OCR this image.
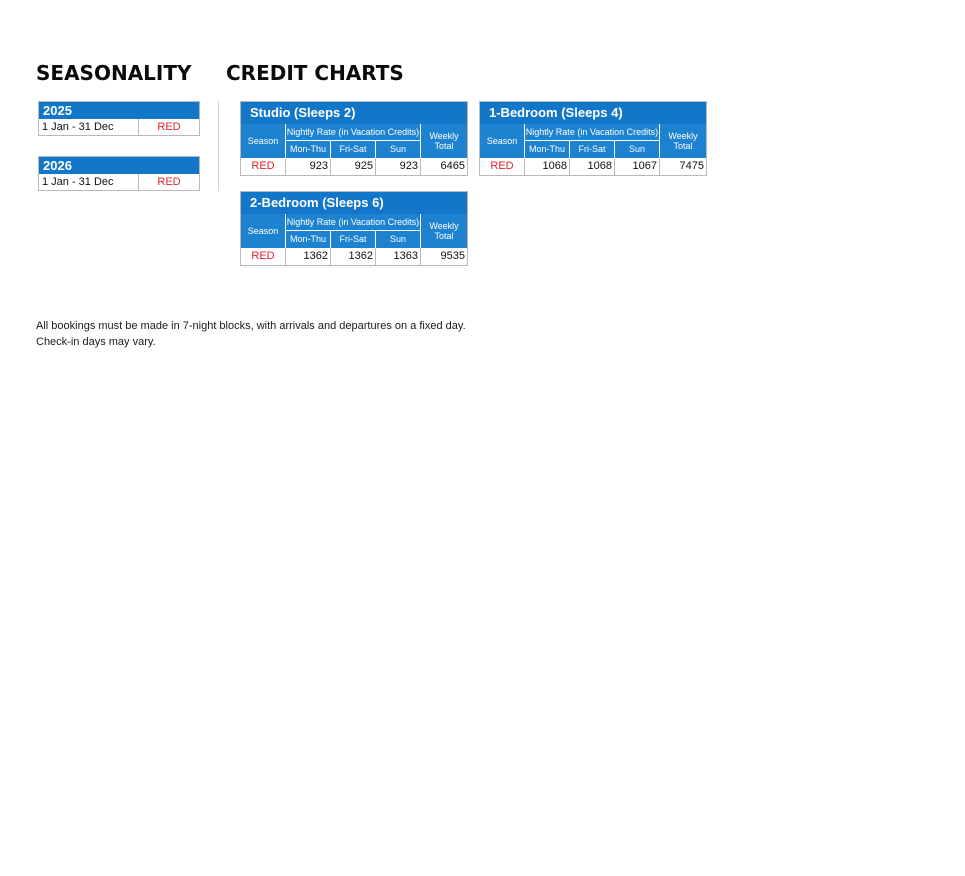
SEASONALITY CREDIT CHARTS
2025
1 Jan - 31 Dec	RED
2026
1 Jan - 31 Dec	RED
Studio (Sleeps 2)
Season
Nightly Rate (in Vacation Credits)
Mon-Thu	Fri-Sat	Sun
Weekly Total
RED	923	925	923	6465
1-Bedroom (Sleeps 4)
Season
Nightly Rate (in Vacation Credits)
Mon-Thu	Fri-Sat	Sun
Weekly Total
RED	1068	1068	1067	7475
2-Bedroom (Sleeps 6)
Season
Nightly Rate (in Vacation Credits)
Mon-Thu	Fri-Sat	Sun
Weekly Total
RED	1362	1362	1363	9535
All bookings must be made in 7-night blocks, with arrivals and departures on a fixed day.
Check-in days may vary.
